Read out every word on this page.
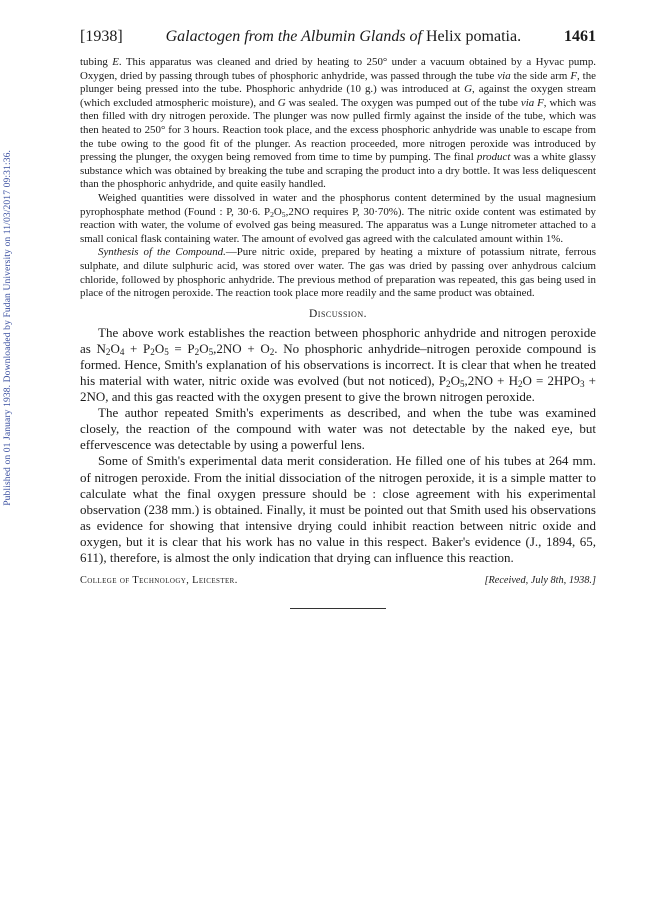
Published on 01 January 1938. Downloaded by Fudan University on 11/03/2017 09:31:36.
[1938]	Galactogen from the Albumin Glands of Helix pomatia.	1461

tubing E. This apparatus was cleaned and dried by heating to 250° under a vacuum obtained by a Hyvac pump. Oxygen, dried by passing through tubes of phosphoric anhydride, was passed through the tube via the side arm F, the plunger being pressed into the tube. Phosphoric anhydride (10 g.) was introduced at G, against the oxygen stream (which excluded atmospheric moisture), and G was sealed. The oxygen was pumped out of the tube via F, which was then filled with dry nitrogen peroxide. The plunger was now pulled firmly against the inside of the tube, which was then heated to 250° for 3 hours. Reaction took place, and the excess phosphoric anhydride was unable to escape from the tube owing to the good fit of the plunger. As reaction proceeded, more nitrogen peroxide was introduced by pressing the plunger, the oxygen being removed from time to time by pumping. The final product was a white glassy substance which was obtained by breaking the tube and scraping the product into a dry bottle. It was less deliquescent than the phosphoric anhydride, and quite easily handled.

Weighed quantities were dissolved in water and the phosphorus content determined by the usual magnesium pyrophosphate method (Found : P, 30·6. $P_2O_5,2NO$ requires P, 30·70%). The nitric oxide content was estimated by reaction with water, the volume of evolved gas being measured. The apparatus was a Lunge nitrometer attached to a small conical flask containing water. The amount of evolved gas agreed with the calculated amount within 1%.

Synthesis of the Compound.—Pure nitric oxide, prepared by heating a mixture of potassium nitrate, ferrous sulphate, and dilute sulphuric acid, was stored over water. The gas was dried by passing over anhydrous calcium chloride, followed by phosphoric anhydride. The previous method of preparation was repeated, this gas being used in place of the nitrogen peroxide. The reaction took place more readily and the same product was obtained.

Discussion.

The above work establishes the reaction between phosphoric anhydride and nitrogen peroxide as $N_2O_4 + P_2O_5 = P_2O_5,2NO + O_2$. No phosphoric anhydride–nitrogen peroxide compound is formed. Hence, Smith's explanation of his observations is incorrect. It is clear that when he treated his material with water, nitric oxide was evolved (but not noticed), $P_2O_5,2NO + H_2O = 2HPO_3 + 2NO$, and this gas reacted with the oxygen present to give the brown nitrogen peroxide.

The author repeated Smith's experiments as described, and when the tube was examined closely, the reaction of the compound with water was not detectable by the naked eye, but effervescence was detectable by using a powerful lens.

Some of Smith's experimental data merit consideration. He filled one of his tubes at 264 mm. of nitrogen peroxide. From the initial dissociation of the nitrogen peroxide, it is a simple matter to calculate what the final oxygen pressure should be : close agreement with his experimental observation (238 mm.) is obtained. Finally, it must be pointed out that Smith used his observations as evidence for showing that intensive drying could inhibit reaction between nitric oxide and oxygen, but it is clear that his work has no value in this respect. Baker's evidence (J., 1894, 65, 611), therefore, is almost the only indication that drying can influence this reaction.

College of Technology, Leicester.	[Received, July 8th, 1938.]
